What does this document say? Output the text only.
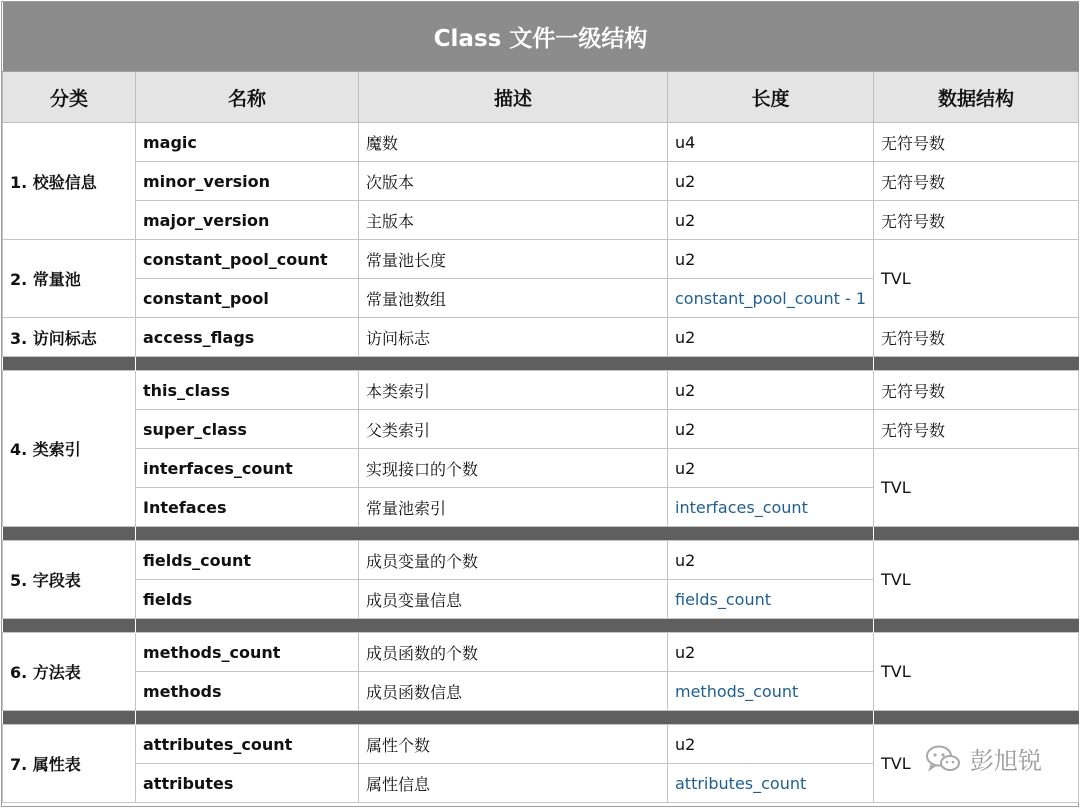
Class 文件一级结构				
分类	名称	描述	长度	数据结构
1. 校验信息	magic	魔数	u4	无符号数
	minor_version	次版本	u2	无符号数
	major_version	主版本	u2	无符号数
2. 常量池	constant_pool_count	常量池长度	u2	TVL
	constant_pool	常量池数组	constant_pool_count - 1	
3. 访问标志	access_flags	访问标志	u2	无符号数

4. 类索引	this_class	本类索引	u2	无符号数
	super_class	父类索引	u2	无符号数
	interfaces_count	实现接口的个数	u2	TVL
	Intefaces	常量池索引	interfaces_count	

5. 字段表	fields_count	成员变量的个数	u2	TVL
	fields	成员变量信息	fields_count	

6. 方法表	methods_count	成员函数的个数	u2	TVL
	methods	成员函数信息	methods_count	

7. 属性表	attributes_count	属性个数	u2	TVL
	attributes	属性信息	attributes_count	
彭旭锐
